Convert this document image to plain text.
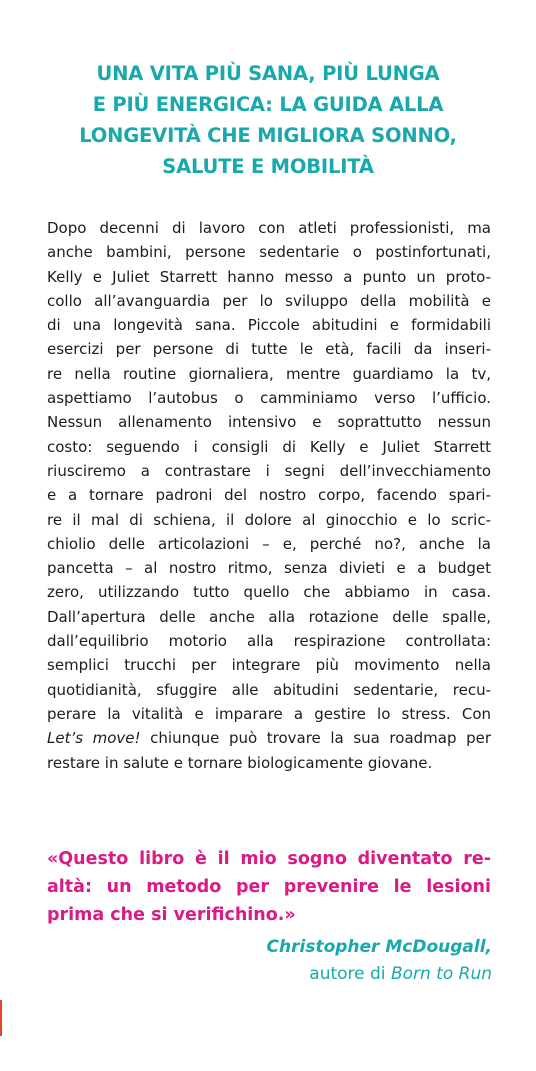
UNA VITA PIÙ SANA, PIÙ LUNGA
E PIÙ ENERGICA: LA GUIDA ALLA
LONGEVITÀ CHE MIGLIORA SONNO,
SALUTE E MOBILITÀ
Dopo decenni di lavoro con atleti professionisti, ma
anche bambini, persone sedentarie o postinfortunati,
Kelly e Juliet Starrett hanno messo a punto un proto-
collo all’avanguardia per lo sviluppo della mobilità e
di una longevità sana. Piccole abitudini e formidabili
esercizi per persone di tutte le età, facili da inseri-
re nella routine giornaliera, mentre guardiamo la tv,
aspettiamo l’autobus o camminiamo verso l’ufficio.
Nessun allenamento intensivo e soprattutto nessun
costo: seguendo i consigli di Kelly e Juliet Starrett
riusciremo a contrastare i segni dell’invecchiamento
e a tornare padroni del nostro corpo, facendo spari-
re il mal di schiena, il dolore al ginocchio e lo scric-
chiolio delle articolazioni – e, perché no?, anche la
pancetta – al nostro ritmo, senza divieti e a budget
zero, utilizzando tutto quello che abbiamo in casa.
Dall’apertura delle anche alla rotazione delle spalle,
dall’equilibrio motorio alla respirazione controllata:
semplici trucchi per integrare più movimento nella
quotidianità, sfuggire alle abitudini sedentarie, recu-
perare la vitalità e imparare a gestire lo stress. Con
Let’s move! chiunque può trovare la sua roadmap per
restare in salute e tornare biologicamente giovane.
«Questo libro è il mio sogno diventato re-
altà: un metodo per prevenire le lesioni
prima che si verifichino.»
Christopher McDougall,
autore di Born to Run
